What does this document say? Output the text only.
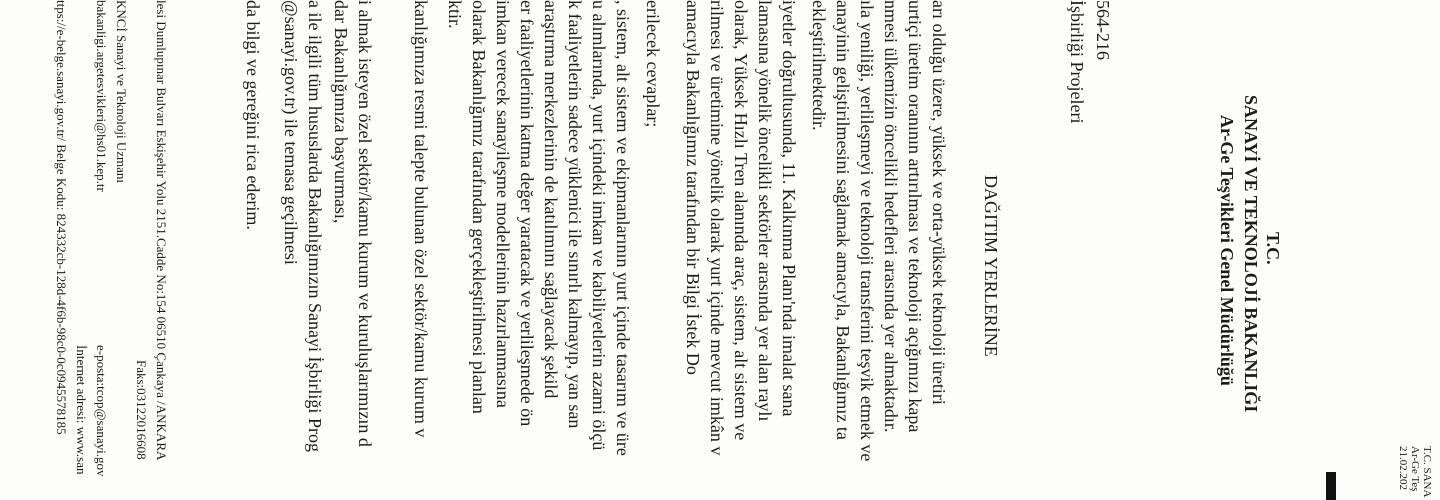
T.C. SANA
Ar-Ge Teş
21.02.202
T.C.
SANAYİ VE TEKNOLOJİ BAKANLIĞI
Ar-Ge Teşvikleri Genel Müdürlüğü
564-216
İşbirliği Projeleri
DAĞITIM YERLERİNE
arı olduğu üzere, yüksek ve orta-yüksek teknoloji üretiri
urtiçi üretim oranının artırılması ve teknoloji açığımızı kapa
nmesi ülkemizin öncelikli hedefleri arasında yer almaktadır.
ıla yeniliği, yerlileşmeyi ve teknoloji transferini teşvik etmek ve
anayinin geliştirilmesini sağlamak amacıyla, Bakanlığımız ta
ekleştirilmektedir.
iyetler doğrultusunda, 11. Kalkınma Planı'nda imalat sana
lamasına yönelik öncelikli sektörler arasında yer alan raylı
olarak, Yüksek Hızlı Tren alanında araç, sistem, alt sistem ve
rilmesi ve üretimine yönelik olarak yurt içinde mevcut imkân v
amacıyla Bakanlığımız tarafından bir Bilgi İstek Do
erilecek cevaplar;
, sistem, alt sistem ve ekipmanlarının yurt içinde tasarım ve üre
u alımlarında, yurt içindeki imkan ve kabiliyetlerin azami ölçü
k faaliyetlerin sadece yüklenici ile sınırlı kalmayıp, yan san
araştırma merkezlerinin de katılımını sağlayacak şekild
er faaliyetlerinin katma değer yaratacak ve yerlileşmede ön
imkan verecek sanayileşme modellerinin hazırlanmasına
olarak Bakanlığımız tarafından gerçekleştirilmesi planlan
ktir.
kanlığımıza resmi talepte bulunan özel sektör/kamu kurum v
i almak isteyen özel sektör/kamu kurum ve kuruluşlarımızın d
dar Bakanlığımıza başvurması,
a ile ilgili tüm hususlarda Bakanlığımızın Sanayi İşbirliği Prog
@sanayi.gov.tr) ile temasa geçilmesi
da bilgi ve gereğini rica ederim.
lesi Dumlupınar Bulvarı Eskişehir Yolu 2151.Cadde No:154 06510 Çankaya /ANKARA
Faks:03122016608
KNCİ Sanayi ve Teknoloji Uzmanı
bakanligi.argetesvikleri@hs01.kep.tr
e-posta:tcop@sanayi.gov
ttps://e-belge.sanayi.gov.tr/ Belge Kodu: 824332cb-128d-4f6b-98c0-0c0945578185 İnternet adresi: www.san
